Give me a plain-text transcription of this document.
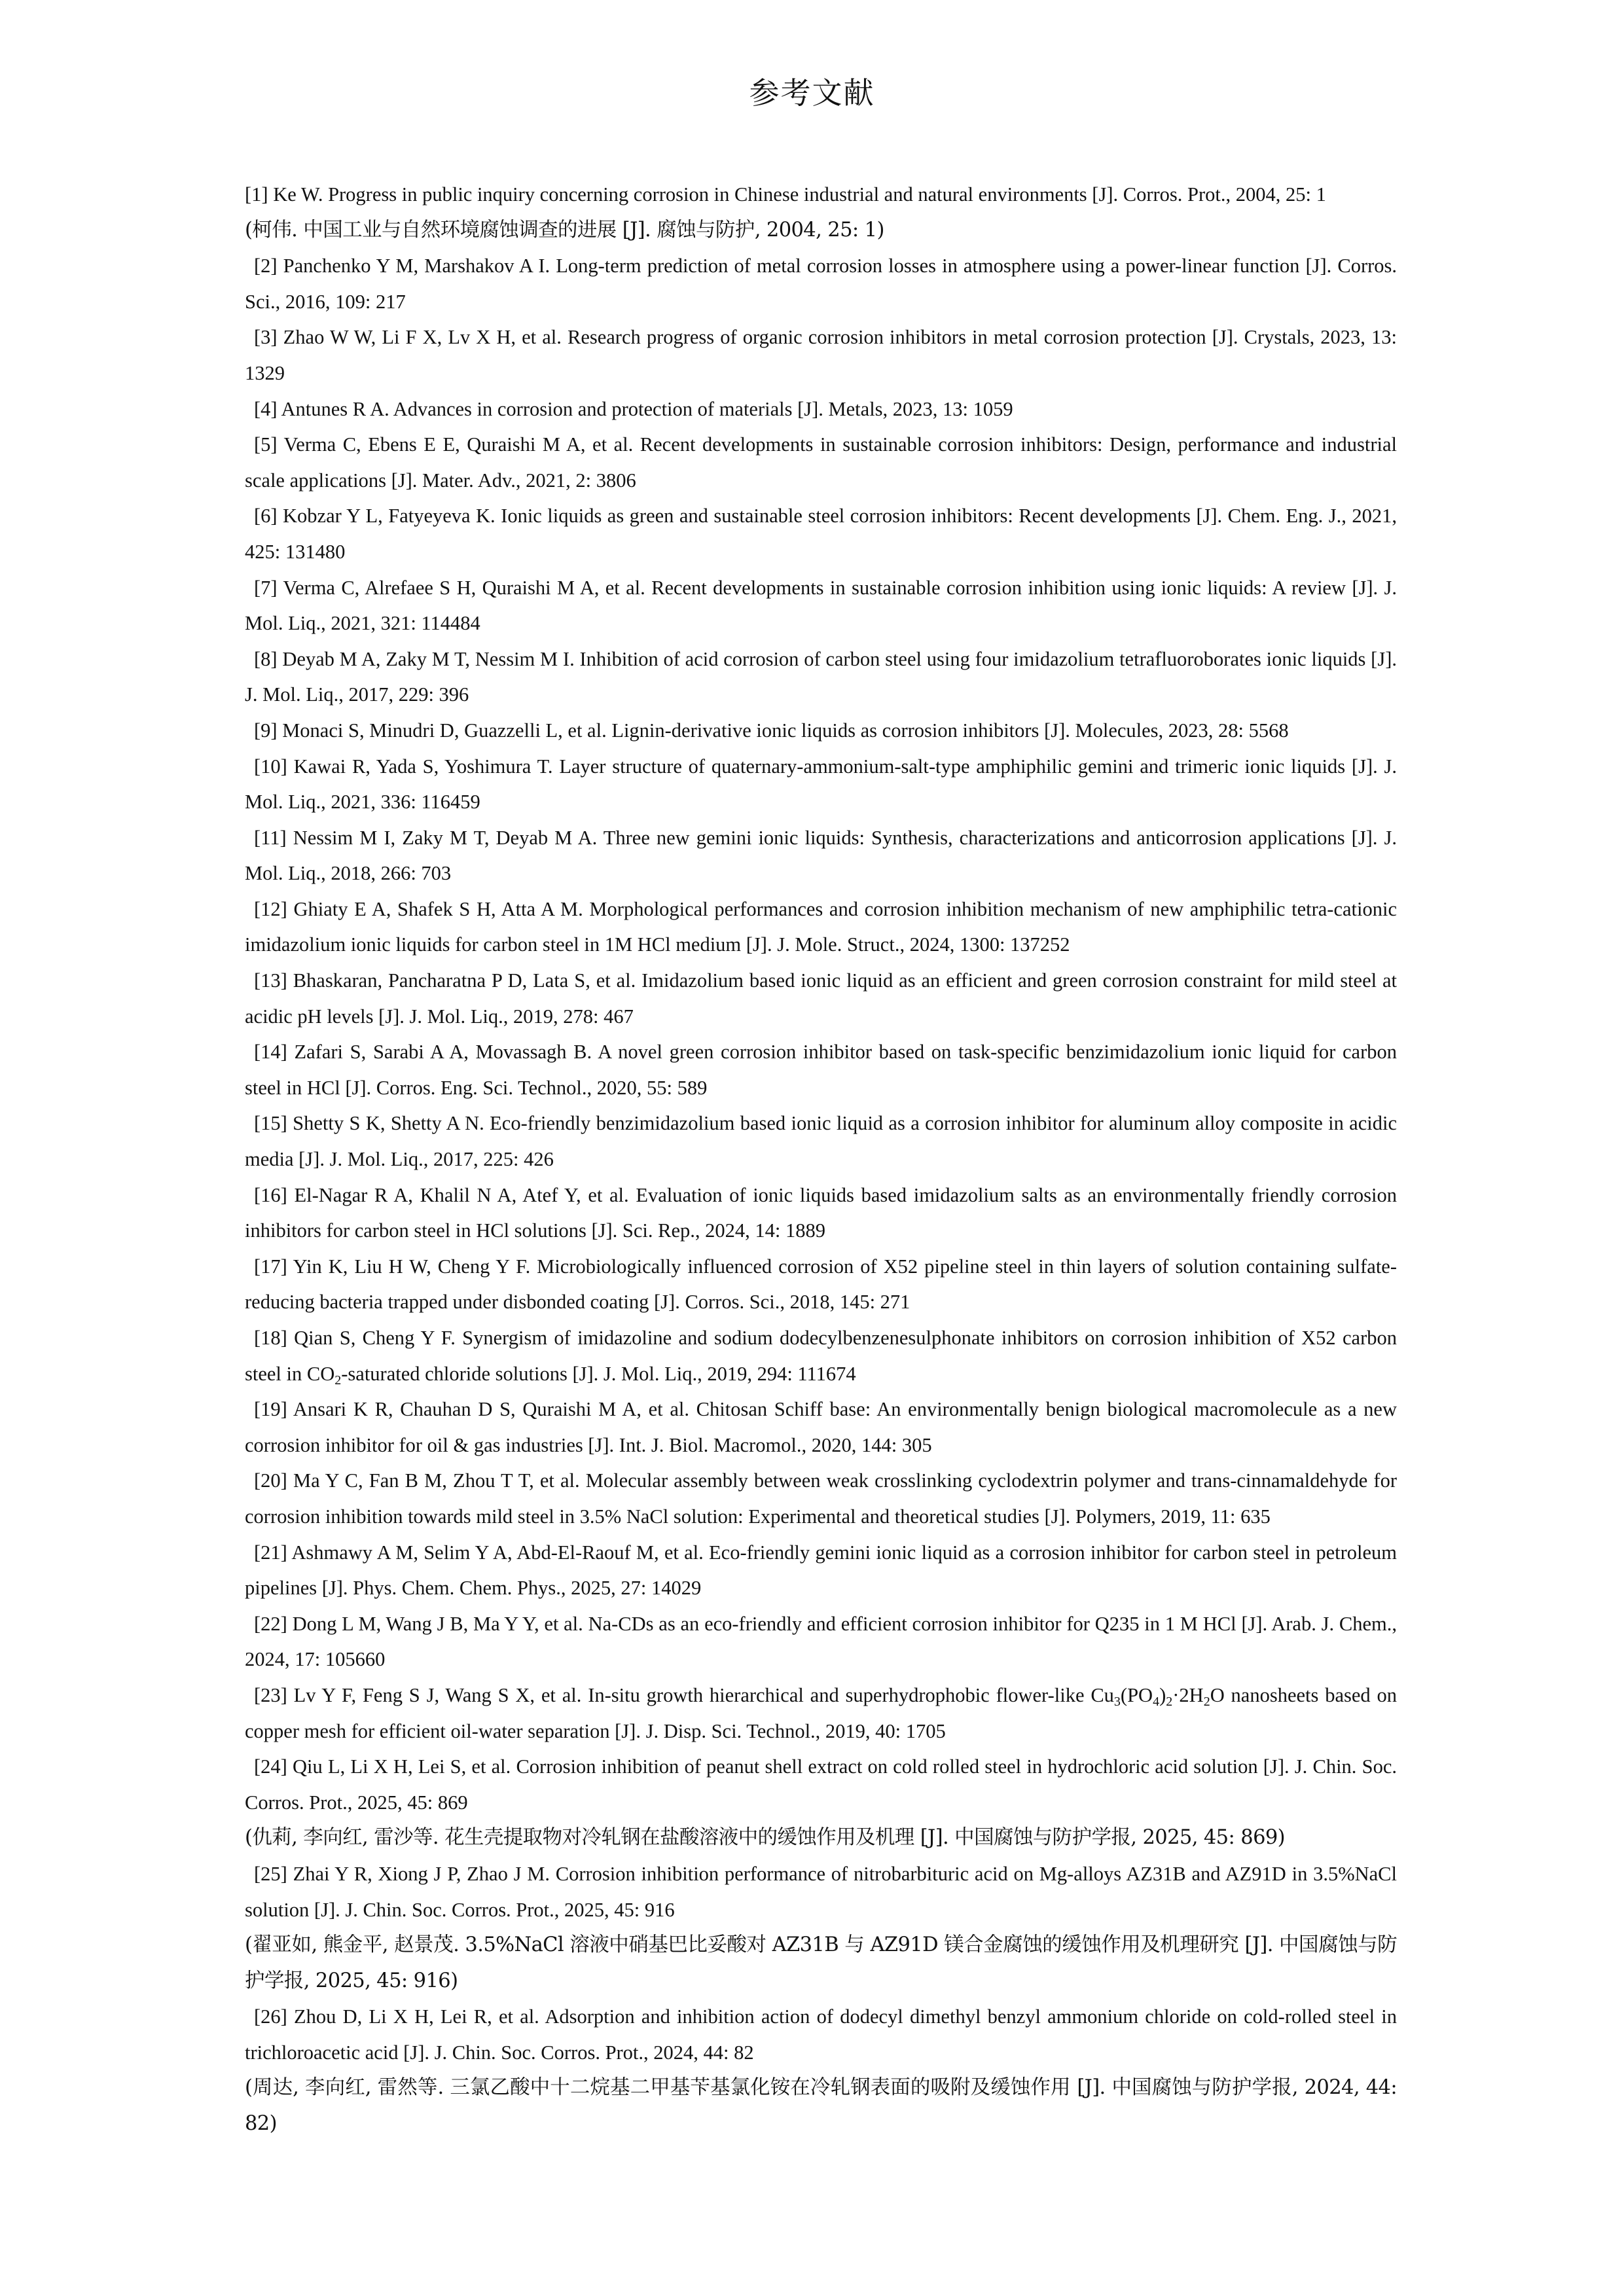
参考文献
[1] Ke W. Progress in public inquiry concerning corrosion in Chinese industrial and natural environments [J]. Corros. Prot., 2004, 25: 1
(柯伟. 中国工业与自然环境腐蚀调查的进展 [J]. 腐蚀与防护, 2004, 25: 1)
[2] Panchenko Y M, Marshakov A I. Long-term prediction of metal corrosion losses in atmosphere using a power-linear function [J]. Corros. Sci., 2016, 109: 217
[3] Zhao W W, Li F X, Lv X H, et al. Research progress of organic corrosion inhibitors in metal corrosion protection [J]. Crystals, 2023, 13: 1329
[4] Antunes R A. Advances in corrosion and protection of materials [J]. Metals, 2023, 13: 1059
[5] Verma C, Ebens E E, Quraishi M A, et al. Recent developments in sustainable corrosion inhibitors: Design, performance and industrial scale applications [J]. Mater. Adv., 2021, 2: 3806
[6] Kobzar Y L, Fatyeyeva K. Ionic liquids as green and sustainable steel corrosion inhibitors: Recent developments [J]. Chem. Eng. J., 2021, 425: 131480
[7] Verma C, Alrefaee S H, Quraishi M A, et al. Recent developments in sustainable corrosion inhibition using ionic liquids: A review [J]. J. Mol. Liq., 2021, 321: 114484
[8] Deyab M A, Zaky M T, Nessim M I. Inhibition of acid corrosion of carbon steel using four imidazolium tetrafluoroborates ionic liquids [J]. J. Mol. Liq., 2017, 229: 396
[9] Monaci S, Minudri D, Guazzelli L, et al. Lignin-derivative ionic liquids as corrosion inhibitors [J]. Molecules, 2023, 28: 5568
[10] Kawai R, Yada S, Yoshimura T. Layer structure of quaternary-ammonium-salt-type amphiphilic gemini and trimeric ionic liquids [J]. J. Mol. Liq., 2021, 336: 116459
[11] Nessim M I, Zaky M T, Deyab M A. Three new gemini ionic liquids: Synthesis, characterizations and anticorrosion applications [J]. J. Mol. Liq., 2018, 266: 703
[12] Ghiaty E A, Shafek S H, Atta A M. Morphological performances and corrosion inhibition mechanism of new amphiphilic tetra-cationic imidazolium ionic liquids for carbon steel in 1M HCl medium [J]. J. Mole. Struct., 2024, 1300: 137252
[13] Bhaskaran, Pancharatna P D, Lata S, et al. Imidazolium based ionic liquid as an efficient and green corrosion constraint for mild steel at acidic pH levels [J]. J. Mol. Liq., 2019, 278: 467
[14] Zafari S, Sarabi A A, Movassagh B. A novel green corrosion inhibitor based on task-specific benzimidazolium ionic liquid for carbon steel in HCl [J]. Corros. Eng. Sci. Technol., 2020, 55: 589
[15] Shetty S K, Shetty A N. Eco-friendly benzimidazolium based ionic liquid as a corrosion inhibitor for aluminum alloy composite in acidic media [J]. J. Mol. Liq., 2017, 225: 426
[16] El-Nagar R A, Khalil N A, Atef Y, et al. Evaluation of ionic liquids based imidazolium salts as an environmentally friendly corrosion inhibitors for carbon steel in HCl solutions [J]. Sci. Rep., 2024, 14: 1889
[17] Yin K, Liu H W, Cheng Y F. Microbiologically influenced corrosion of X52 pipeline steel in thin layers of solution containing sulfate-reducing bacteria trapped under disbonded coating [J]. Corros. Sci., 2018, 145: 271
[18] Qian S, Cheng Y F. Synergism of imidazoline and sodium dodecylbenzenesulphonate inhibitors on corrosion inhibition of X52 carbon steel in $CO_2$-saturated chloride solutions [J]. J. Mol. Liq., 2019, 294: 111674
[19] Ansari K R, Chauhan D S, Quraishi M A, et al. Chitosan Schiff base: An environmentally benign biological macromolecule as a new corrosion inhibitor for oil & gas industries [J]. Int. J. Biol. Macromol., 2020, 144: 305
[20] Ma Y C, Fan B M, Zhou T T, et al. Molecular assembly between weak crosslinking cyclodextrin polymer and trans-cinnamaldehyde for corrosion inhibition towards mild steel in 3.5% NaCl solution: Experimental and theoretical studies [J]. Polymers, 2019, 11: 635
[21] Ashmawy A M, Selim Y A, Abd-El-Raouf M, et al. Eco-friendly gemini ionic liquid as a corrosion inhibitor for carbon steel in petroleum pipelines [J]. Phys. Chem. Chem. Phys., 2025, 27: 14029
[22] Dong L M, Wang J B, Ma Y Y, et al. Na-CDs as an eco-friendly and efficient corrosion inhibitor for Q235 in 1 M HCl [J]. Arab. J. Chem., 2024, 17: 105660
[23] Lv Y F, Feng S J, Wang S X, et al. In-situ growth hierarchical and superhydrophobic flower-like $Cu_3(PO_4)_2\cdot 2H_2O$ nanosheets based on copper mesh for efficient oil-water separation [J]. J. Disp. Sci. Technol., 2019, 40: 1705
[24] Qiu L, Li X H, Lei S, et al. Corrosion inhibition of peanut shell extract on cold rolled steel in hydrochloric acid solution [J]. J. Chin. Soc. Corros. Prot., 2025, 45: 869
(仇莉, 李向红, 雷沙等. 花生壳提取物对冷轧钢在盐酸溶液中的缓蚀作用及机理 [J]. 中国腐蚀与防护学报, 2025, 45: 869)
[25] Zhai Y R, Xiong J P, Zhao J M. Corrosion inhibition performance of nitrobarbituric acid on Mg-alloys AZ31B and AZ91D in 3.5%NaCl solution [J]. J. Chin. Soc. Corros. Prot., 2025, 45: 916
(翟亚如, 熊金平, 赵景茂. 3.5%NaCl 溶液中硝基巴比妥酸对 AZ31B 与 AZ91D 镁合金腐蚀的缓蚀作用及机理研究 [J]. 中国腐蚀与防护学报, 2025, 45: 916)
[26] Zhou D, Li X H, Lei R, et al. Adsorption and inhibition action of dodecyl dimethyl benzyl ammonium chloride on cold-rolled steel in trichloroacetic acid [J]. J. Chin. Soc. Corros. Prot., 2024, 44: 82
(周达, 李向红, 雷然等. 三氯乙酸中十二烷基二甲基苄基氯化铵在冷轧钢表面的吸附及缓蚀作用 [J]. 中国腐蚀与防护学报, 2024, 44: 82)
